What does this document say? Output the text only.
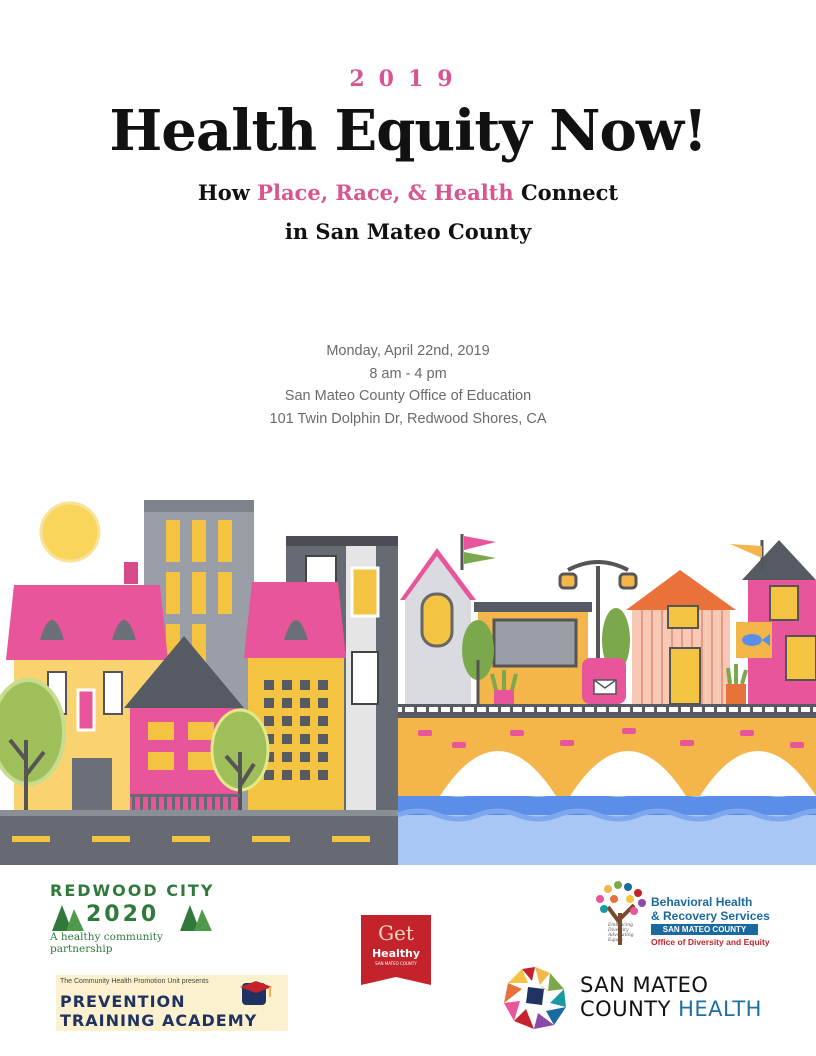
2019
Health Equity Now!
How Place, Race, & Health Connect
in San Mateo County
Monday, April 22nd, 2019
8 am - 4 pm
San Mateo County Office of Education
101 Twin Dolphin Dr, Redwood Shores, CA
REDWOOD CITY
2020
A healthy community partnership
Get
Healthy
SAN MATEO COUNTY
Embracing Diversity Advocating Equity
Behavioral Health
& Recovery Services
SAN MATEO COUNTY
Office of Diversity and Equity
The Community Health Promotion Unit presents
PREVENTION
TRAINING ACADEMY
SAN MATEO
COUNTY HEALTH
